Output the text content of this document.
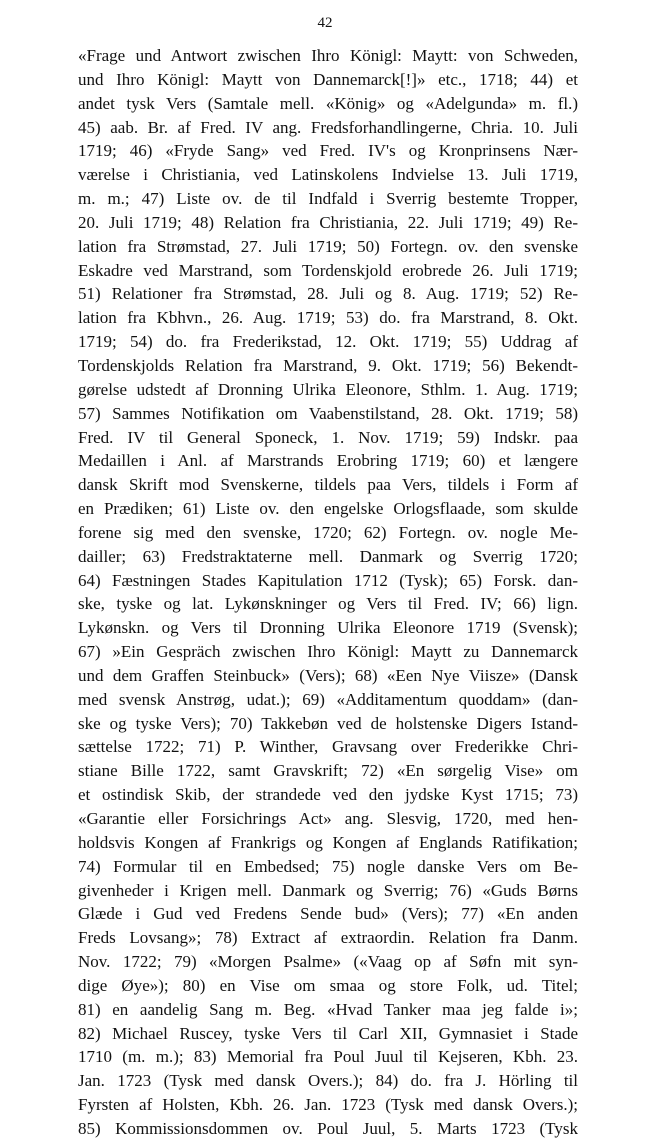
42
«Frage und Antwort zwischen Ihro Königl: Maytt: von Schweden,
und Ihro Königl: Maytt von Dannemarck[!]» etc., 1718; 44) et
andet tysk Vers (Samtale mell. «König» og «Adelgunda» m. fl.)
45) aab. Br. af Fred. IV ang. Fredsforhandlingerne, Chria. 10. Juli
1719; 46) «Fryde Sang» ved Fred. IV's og Kronprinsens Nær-
værelse i Christiania, ved Latinskolens Indvielse 13. Juli 1719,
m. m.; 47) Liste ov. de til Indfald i Sverrig bestemte Tropper,
20. Juli 1719; 48) Relation fra Christiania, 22. Juli 1719; 49) Re-
lation fra Strømstad, 27. Juli 1719; 50) Fortegn. ov. den svenske
Eskadre ved Marstrand, som Tordenskjold erobrede 26. Juli 1719;
51) Relationer fra Strømstad, 28. Juli og 8. Aug. 1719; 52) Re-
lation fra Kbhvn., 26. Aug. 1719; 53) do. fra Marstrand, 8. Okt.
1719; 54) do. fra Frederikstad, 12. Okt. 1719; 55) Uddrag af
Tordenskjolds Relation fra Marstrand, 9. Okt. 1719; 56) Bekendt-
gørelse udstedt af Dronning Ulrika Eleonore, Sthlm. 1. Aug. 1719;
57) Sammes Notifikation om Vaabenstilstand, 28. Okt. 1719; 58)
Fred. IV til General Sponeck, 1. Nov. 1719; 59) Indskr. paa
Medaillen i Anl. af Marstrands Erobring 1719; 60) et længere
dansk Skrift mod Svenskerne, tildels paa Vers, tildels i Form af
en Prædiken; 61) Liste ov. den engelske Orlogsflaade, som skulde
forene sig med den svenske, 1720; 62) Fortegn. ov. nogle Me-
dailler; 63) Fredstraktaterne mell. Danmark og Sverrig 1720;
64) Fæstningen Stades Kapitulation 1712 (Tysk); 65) Forsk. dan-
ske, tyske og lat. Lykønskninger og Vers til Fred. IV; 66) lign.
Lykønskn. og Vers til Dronning Ulrika Eleonore 1719 (Svensk);
67) »Ein Gespräch zwischen Ihro Königl: Maytt zu Dannemarck
und dem Graffen Steinbuck» (Vers); 68) «Een Nye Viisze» (Dansk
med svensk Anstrøg, udat.); 69) «Additamentum quoddam» (dan-
ske og tyske Vers); 70) Takkebøn ved de holstenske Digers Istand-
sættelse 1722; 71) P. Winther, Gravsang over Frederikke Chri-
stiane Bille 1722, samt Gravskrift; 72) «En sørgelig Vise» om
et ostindisk Skib, der strandede ved den jydske Kyst 1715; 73)
«Garantie eller Forsichrings Act» ang. Slesvig, 1720, med hen-
holdsvis Kongen af Frankrigs og Kongen af Englands Ratifikation;
74) Formular til en Embedsed; 75) nogle danske Vers om Be-
givenheder i Krigen mell. Danmark og Sverrig; 76) «Guds Børns
Glæde i Gud ved Fredens Sende bud» (Vers); 77) «En anden
Freds Lovsang»; 78) Extract af extraordin. Relation fra Danm.
Nov. 1722; 79) «Morgen Psalme» («Vaag op af Søfn mit syn-
dige Øye»); 80) en Vise om smaa og store Folk, ud. Titel;
81) en aandelig Sang m. Beg. «Hvad Tanker maa jeg falde i»;
82) Michael Ruscey, tyske Vers til Carl XII, Gymnasiet i Stade
1710 (m. m.); 83) Memorial fra Poul Juul til Kejseren, Kbh. 23.
Jan. 1723 (Tysk med dansk Overs.); 84) do. fra J. Hörling til
Fyrsten af Holsten, Kbh. 26. Jan. 1723 (Tysk med dansk Overs.);
85) Kommissionsdommen ov. Poul Juul, 5. Marts 1723 (Tysk
